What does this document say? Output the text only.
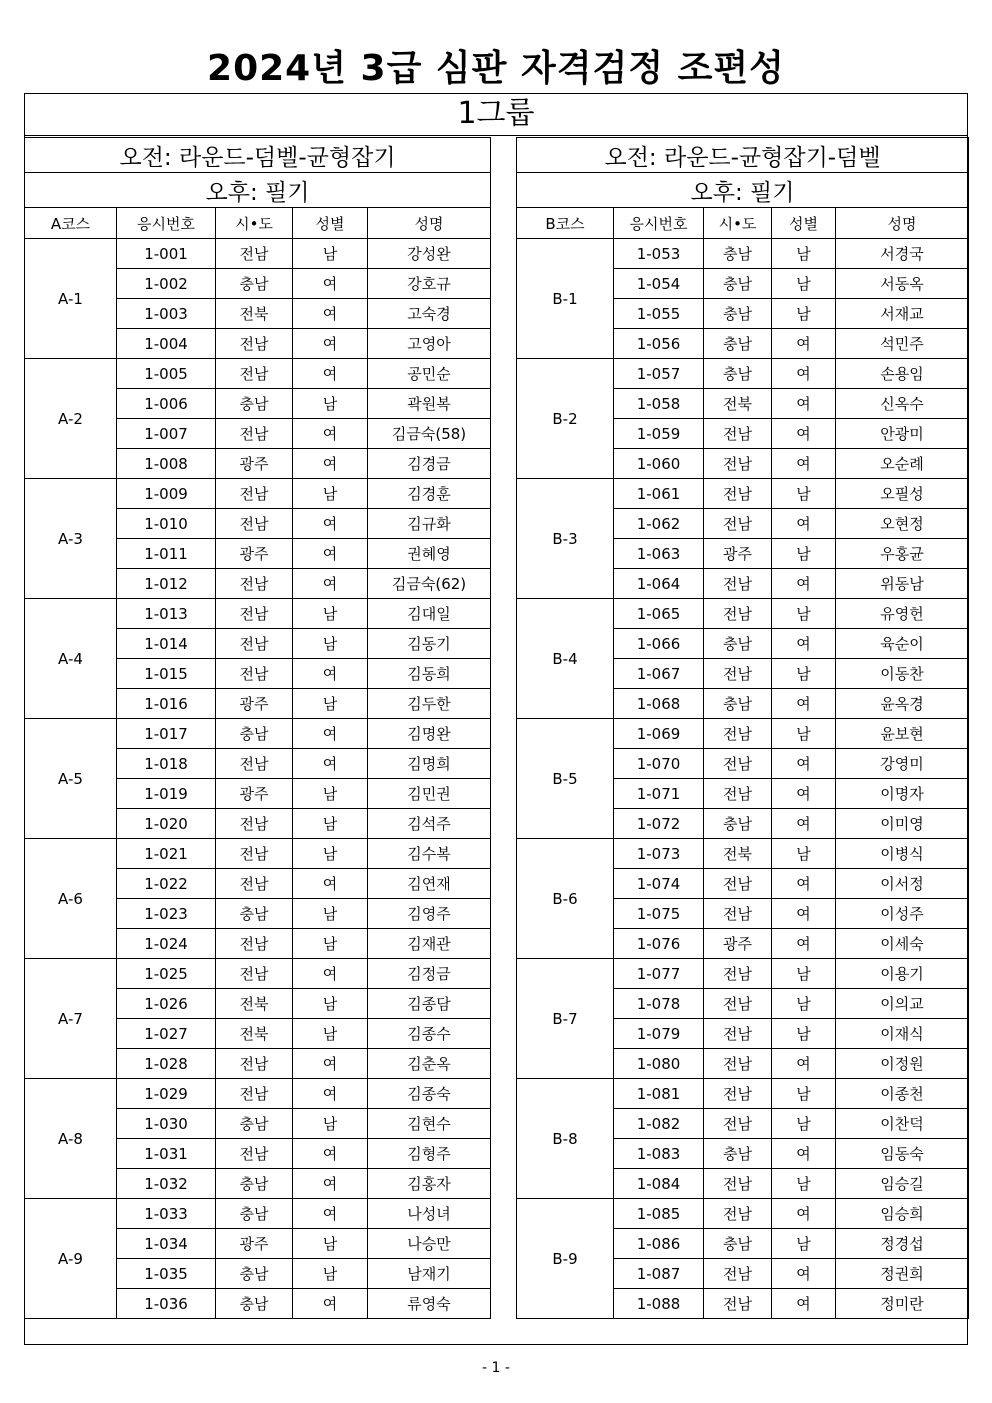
2024년 3급 심판 자격검정 조편성
1그룹
오전: 라운드-덤벨-균형잡기				
오후: 필기				
A코스	응시번호	시•도	성별	성명
A-1	1-001	전남	남	강성완
	1-002	충남	여	강호규
	1-003	전북	여	고숙경
	1-004	전남	여	고영아
A-2	1-005	전남	여	공민순
	1-006	충남	남	곽원복
	1-007	전남	여	김금숙(58)
	1-008	광주	여	김경금
A-3	1-009	전남	남	김경훈
	1-010	전남	여	김규화
	1-011	광주	여	권혜영
	1-012	전남	여	김금숙(62)
A-4	1-013	전남	남	김대일
	1-014	전남	남	김동기
	1-015	전남	여	김동희
	1-016	광주	남	김두한
A-5	1-017	충남	여	김명완
	1-018	전남	여	김명희
	1-019	광주	남	김민권
	1-020	전남	남	김석주
A-6	1-021	전남	남	김수복
	1-022	전남	여	김연재
	1-023	충남	남	김영주
	1-024	전남	남	김재관
A-7	1-025	전남	여	김정금
	1-026	전북	남	김종담
	1-027	전북	남	김종수
	1-028	전남	여	김춘옥
A-8	1-029	전남	여	김종숙
	1-030	충남	남	김현수
	1-031	전남	여	김형주
	1-032	충남	여	김홍자
A-9	1-033	충남	여	나성녀
	1-034	광주	남	나승만
	1-035	충남	남	남재기
	1-036	충남	여	류영숙
오전: 라운드-균형잡기-덤벨				
오후: 필기				
B코스	응시번호	시•도	성별	성명
B-1	1-053	충남	남	서경국
	1-054	충남	남	서동옥
	1-055	충남	남	서재교
	1-056	충남	여	석민주
B-2	1-057	충남	여	손용임
	1-058	전북	여	신옥수
	1-059	전남	여	안광미
	1-060	전남	여	오순례
B-3	1-061	전남	남	오필성
	1-062	전남	여	오현정
	1-063	광주	남	우홍균
	1-064	전남	여	위동남
B-4	1-065	전남	남	유영헌
	1-066	충남	여	육순이
	1-067	전남	남	이동찬
	1-068	충남	여	윤옥경
B-5	1-069	전남	남	윤보현
	1-070	전남	여	강영미
	1-071	전남	여	이명자
	1-072	충남	여	이미영
B-6	1-073	전북	남	이병식
	1-074	전남	여	이서정
	1-075	전남	여	이성주
	1-076	광주	여	이세숙
B-7	1-077	전남	남	이용기
	1-078	전남	남	이의교
	1-079	전남	남	이재식
	1-080	전남	여	이정원
B-8	1-081	전남	남	이종천
	1-082	전남	남	이찬덕
	1-083	충남	여	임동숙
	1-084	전남	남	임승길
B-9	1-085	전남	여	임승희
	1-086	충남	남	정경섭
	1-087	전남	여	정권희
	1-088	전남	여	정미란
- 1 -
